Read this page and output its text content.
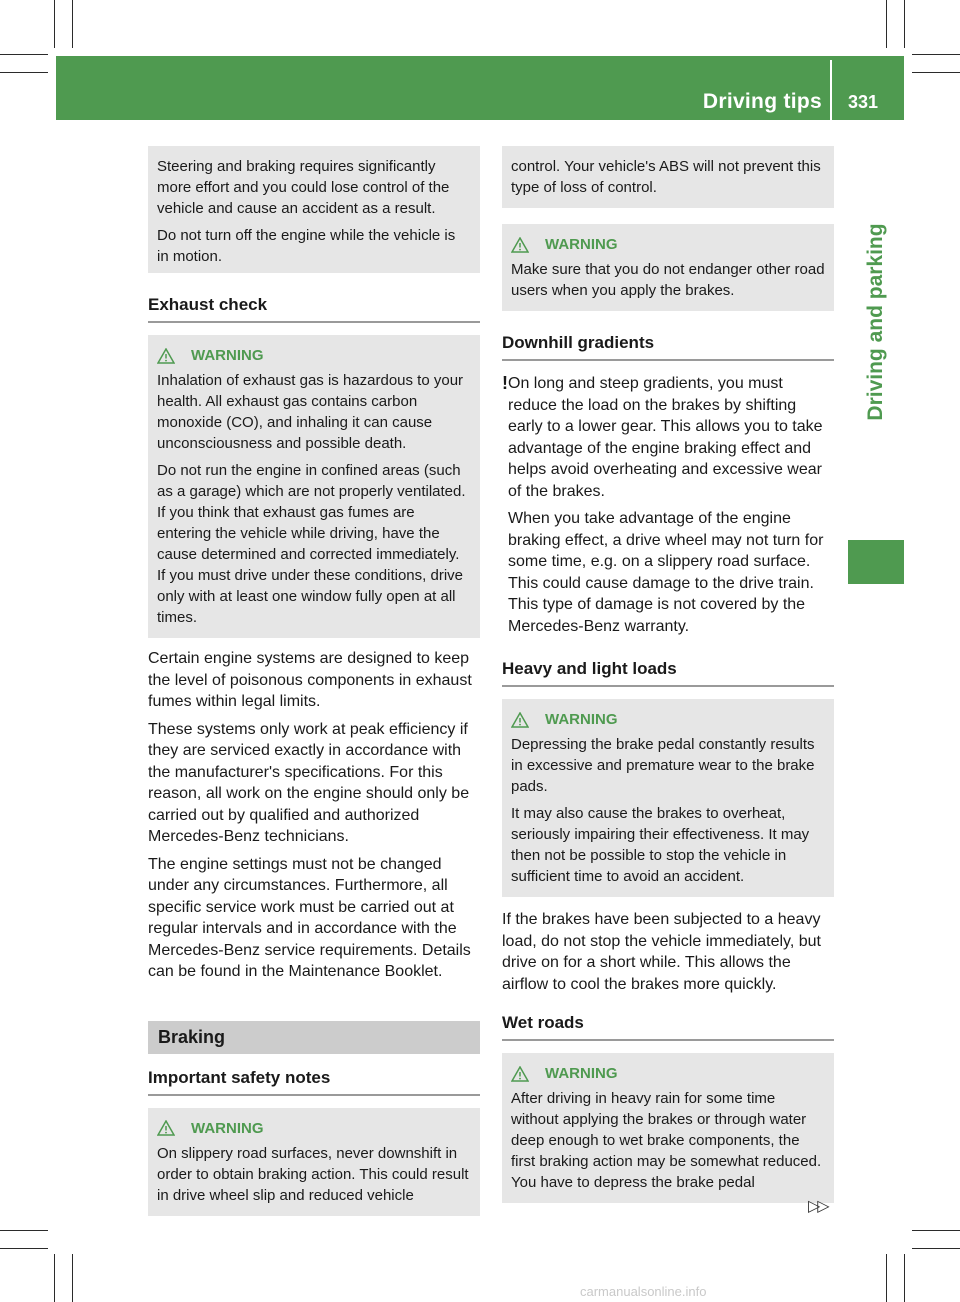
Driving tips 331
Driving and parking

Steering and braking requires significantly more effort and you could lose control of the vehicle and cause an accident as a result.

Do not turn off the engine while the vehicle is in motion.

Exhaust check
WARNING

Inhalation of exhaust gas is hazardous to your health. All exhaust gas contains carbon monoxide (CO), and inhaling it can cause unconsciousness and possible death.

Do not run the engine in confined areas (such as a garage) which are not properly ventilated. If you think that exhaust gas fumes are entering the vehicle while driving, have the cause determined and corrected immediately. If you must drive under these conditions, drive only with at least one window fully open at all times.

Certain engine systems are designed to keep the level of poisonous components in exhaust fumes within legal limits.

These systems only work at peak efficiency if they are serviced exactly in accordance with the manufacturer's specifications. For this reason, all work on the engine should only be carried out by qualified and authorized Mercedes-Benz technicians.

The engine settings must not be changed under any circumstances. Furthermore, all specific service work must be carried out at regular intervals and in accordance with the Mercedes-Benz service requirements. Details can be found in the Maintenance Booklet.

Braking
Important safety notes
WARNING

On slippery road surfaces, never downshift in order to obtain braking action. This could result in drive wheel slip and reduced vehicle

control. Your vehicle's ABS will not prevent this type of loss of control.

WARNING

Make sure that you do not endanger other road users when you apply the brakes.

Downhill gradients
! On long and steep gradients, you must reduce the load on the brakes by shifting early to a lower gear. This allows you to take advantage of the engine braking effect and helps avoid overheating and excessive wear of the brakes.

When you take advantage of the engine braking effect, a drive wheel may not turn for some time, e.g. on a slippery road surface. This could cause damage to the drive train. This type of damage is not covered by the Mercedes-Benz warranty.

Heavy and light loads
WARNING

Depressing the brake pedal constantly results in excessive and premature wear to the brake pads.

It may also cause the brakes to overheat, seriously impairing their effectiveness. It may then not be possible to stop the vehicle in sufficient time to avoid an accident.

If the brakes have been subjected to a heavy load, do not stop the vehicle immediately, but drive on for a short while. This allows the airflow to cool the brakes more quickly.

Wet roads
WARNING

After driving in heavy rain for some time without applying the brakes or through water deep enough to wet brake components, the first braking action may be somewhat reduced. You have to depress the brake pedal

▷▷
carmanualsonline.info
